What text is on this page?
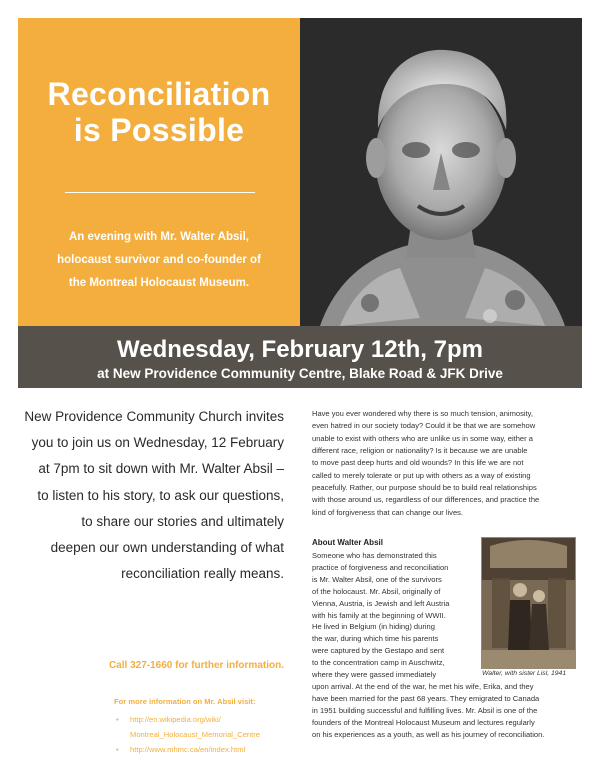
Reconciliation
is Possible
An evening with Mr. Walter Absil,
holocaust survivor and co-founder of
the Montreal Holocaust Museum.
Wednesday, February 12th, 7pm
at New Providence Community Centre, Blake Road & JFK Drive
New Providence Community Church invites
you to join us on Wednesday, 12 February
at 7pm to sit down with Mr. Walter Absil –
to listen to his story, to ask our questions,
to share our stories and ultimately
deepen our own understanding of what
reconciliation really means.
Call 327-1660 for further information.
For more information on Mr. Absil visit:
• http://en.wikipedia.org/wiki/
Montreal_Holocaust_Memorial_Centre
• http://www.mhmc.ca/en/index.html
Have you ever wondered why there is so much tension, animosity,
even hatred in our society today? Could it be that we are somehow
unable to exist with others who are unlike us in some way, either a
different race, religion or nationality? Is it because we are unable
to move past deep hurts and old wounds? In this life we are not
called to merely tolerate or put up with others as a way of existing
peacefully. Rather, our purpose should be to build real relationships
with those around us, regardless of our differences, and practice the
kind of forgiveness that can change our lives.
About Walter Absil
Someone who has demonstrated this
practice of forgiveness and reconciliation
is Mr. Walter Absil, one of the survivors
of the holocaust. Mr. Absil, originally of
Vienna, Austria, is Jewish and left Austria
with his family at the beginning of WWII.
He lived in Belgium (in hiding) during
the war, during which time his parents
were captured by the Gestapo and sent
to the concentration camp in Auschwitz,
where they were gassed immediately
upon arrival. At the end of the war, he met his wife, Erika, and they
have been married for the past 68 years. They emigrated to Canada
in 1951 building successful and fulfilling lives. Mr. Absil is one of the
founders of the Montreal Holocaust Museum and lectures regularly
on his experiences as a youth, as well as his journey of reconciliation.
Walter, with sister Lisl, 1941
